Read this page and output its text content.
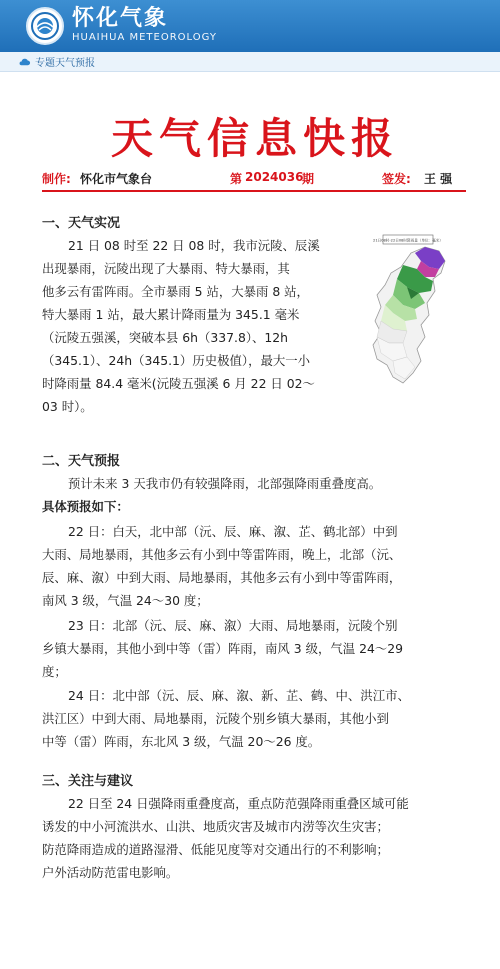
怀化气象
HUAIHUA METEOROLOGY
专题天气预报
天气信息快报
制作: 怀化市气象台	第 2024036
期	签发: 王 强
一、天气实况
21 日 08 时至 22 日 08 时，我市沅陵、辰溪
出现暴雨，沅陵出现了大暴雨、特大暴雨，其
他多云有雷阵雨。全市暴雨 5 站，大暴雨 8 站，
特大暴雨 1 站，最大累计降雨量为 345.1 毫米
（沅陵五强溪，突破本县 6h（337.8）、12h
（345.1）、24h（345.1）历史极值），最大一小
时降雨量 84.4 毫米(沅陵五强溪 6 月 22 日 02～
03 时）。
21日08时-22日08时降雨量（单位：毫米）
二、天气预报
预计未来 3 天我市仍有较强降雨，北部强降雨重叠度高。
具体预报如下：
22 日：白天，北中部（沅、辰、麻、溆、芷、鹤北部）中到
大雨、局地暴雨，其他多云有小到中等雷阵雨，晚上，北部（沅、
辰、麻、溆）中到大雨、局地暴雨，其他多云有小到中等雷阵雨，
南风 3 级，气温 24～30 度；
23 日：北部（沅、辰、麻、溆）大雨、局地暴雨，沅陵个别
乡镇大暴雨，其他小到中等（雷）阵雨，南风 3 级，气温 24～29
度；
24 日：北中部（沅、辰、麻、溆、新、芷、鹤、中、洪江市、
洪江区）中到大雨、局地暴雨，沅陵个别乡镇大暴雨，其他小到
中等（雷）阵雨，东北风 3 级，气温 20～26 度。
三、关注与建议
22 日至 24 日强降雨重叠度高，重点防范强降雨重叠区域可能
诱发的中小河流洪水、山洪、地质灾害及城市内涝等次生灾害；
防范降雨造成的道路湿滑、低能见度等对交通出行的不利影响；
户外活动防范雷电影响。
